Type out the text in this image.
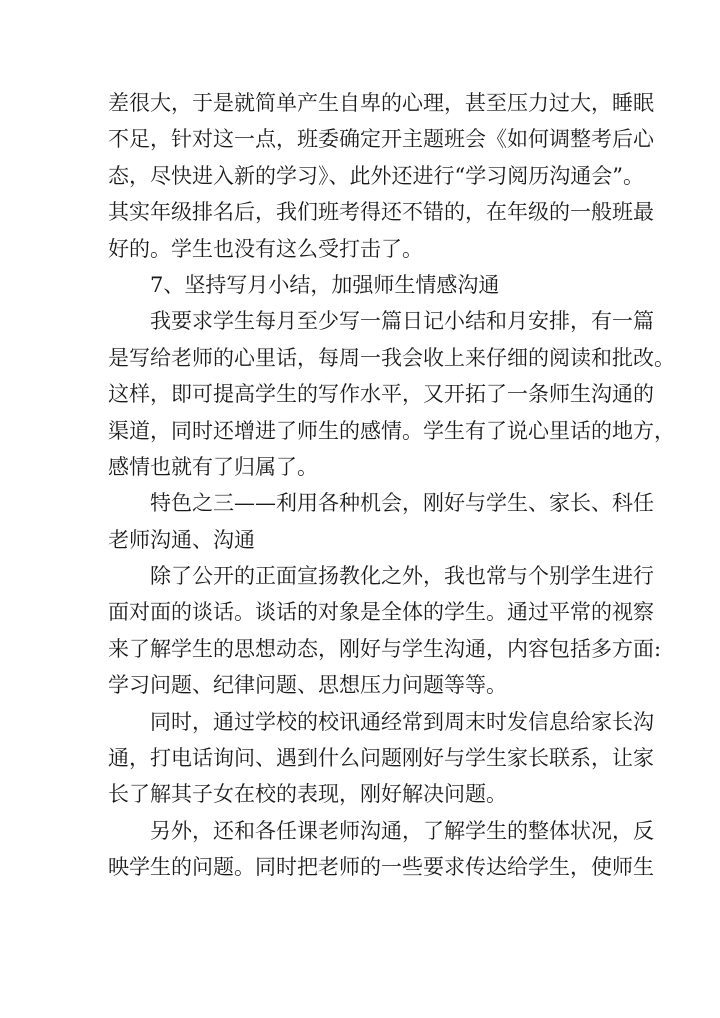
差很大，于是就简单产生自卑的心理，甚至压力过大，睡眠
不足，针对这一点，班委确定开主题班会《如何调整考后心
态，尽快进入新的学习》、此外还进行“学习阅历沟通会”。
其实年级排名后，我们班考得还不错的，在年级的一般班最
好的。学生也没有这么受打击了。
7、坚持写月小结，加强师生情感沟通
我要求学生每月至少写一篇日记小结和月安排，有一篇
是写给老师的心里话，每周一我会收上来仔细的阅读和批改。
这样，即可提高学生的写作水平，又开拓了一条师生沟通的
渠道，同时还增进了师生的感情。学生有了说心里话的地方，
感情也就有了归属了。
特色之三——利用各种机会，刚好与学生、家长、科任
老师沟通、沟通
除了公开的正面宣扬教化之外，我也常与个别学生进行
面对面的谈话。谈话的对象是全体的学生。通过平常的视察
来了解学生的思想动态，刚好与学生沟通，内容包括多方面:
学习问题、纪律问题、思想压力问题等等。
同时，通过学校的校讯通经常到周末时发信息给家长沟
通，打电话询问、遇到什么问题刚好与学生家长联系，让家
长了解其子女在校的表现，刚好解决问题。
另外，还和各任课老师沟通，了解学生的整体状况，反
映学生的问题。同时把老师的一些要求传达给学生，使师生
